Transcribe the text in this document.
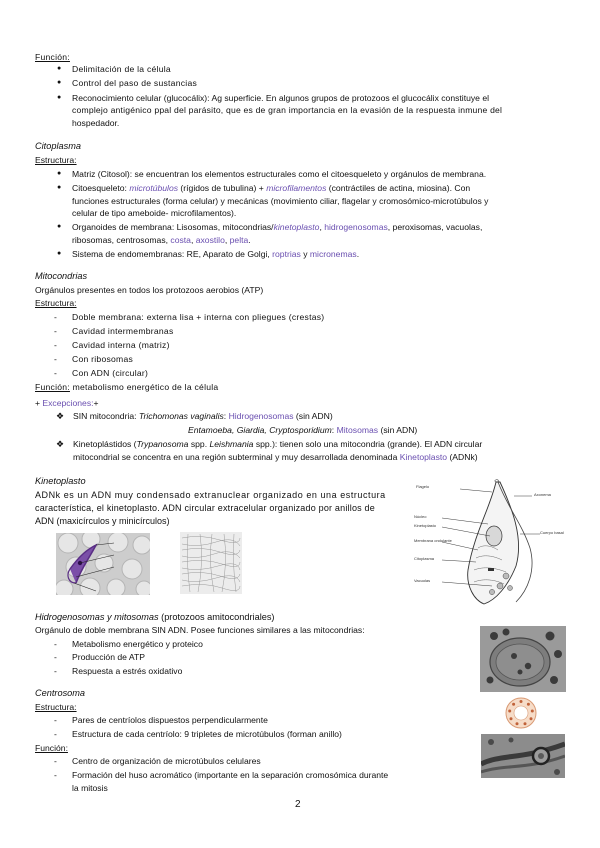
Función:
● Delimitación de la célula
● Control del paso de sustancias
● Reconocimiento celular (glucocálix): Ag superficie. En algunos grupos de protozoos el glucocálix constituye el
complejo antigénico ppal del parásito, que es de gran importancia en la evasión de la respuesta inmune del
hospedador.
Citoplasma
Estructura:
● Matriz (Citosol): se encuentran los elementos estructurales como el citoesqueleto y orgánulos de membrana.
● Citoesqueleto: microtúbulos (rígidos de tubulina) + microfilamentos (contráctiles de actina, miosina). Con
funciones estructurales (forma celular) y mecánicas (movimiento ciliar, flagelar y cromosómico-microtúbulos y
celular de tipo ameboide- microfilamentos).
● Organoides de membrana: Lisosomas, mitocondrias/kinetoplasto, hidrogenosomas, peroxisomas, vacuolas,
ribosomas, centrosomas, costa, axostilo, pelta.
● Sistema de endomembranas: RE, Aparato de Golgi, roptrias y micronemas.
Mitocondrias
Orgánulos presentes en todos los protozoos aerobios (ATP)
Estructura:
- Doble membrana: externa lisa + interna con pliegues (crestas)
- Cavidad intermembranas
- Cavidad interna (matriz)
- Con ribosomas
- Con ADN (circular)
Función: metabolismo energético de la célula
+ Excepciones:+
❖ SIN mitocondria: Trichomonas vaginalis: Hidrogenosomas (sin ADN)
Entamoeba, Giardia, Cryptosporidium: Mitosomas (sin ADN)
❖ Kinetoplástidos (Trypanosoma spp. Leishmania spp.): tienen solo una mitocondria (grande). El ADN circular
mitocondrial se concentra en una región subterminal y muy desarrollada denominada Kinetoplasto (ADNk)
Kinetoplasto
ADNk es un ADN muy condensado extranuclear organizado en una estructura
característica, el kinetoplasto. ADN circular extracelular organizado por anillos de
ADN (maxicírculos y minicírculos)
Flagelo
Núcleo
Kinetoplasto
Membrana ondulante
Citoplasma
Axonema
Cuerpo basal
Vacuolas
Hidrogenosomas y mitosomas (protozoos amitocondriales)
Orgánulo de doble membrana SIN ADN. Posee funciones similares a las mitocondrias:
- Metabolismo energético y proteico
- Producción de ATP
- Respuesta a estrés oxidativo
Centrosoma
Estructura:
- Pares de centríolos dispuestos perpendicularmente
- Estructura de cada centríolo: 9 tripletes de microtúbulos (forman anillo)
Función:
- Centro de organización de microtúbulos celulares
- Formación del huso acromático (importante en la separación cromosómica durante
la mitosis
2
